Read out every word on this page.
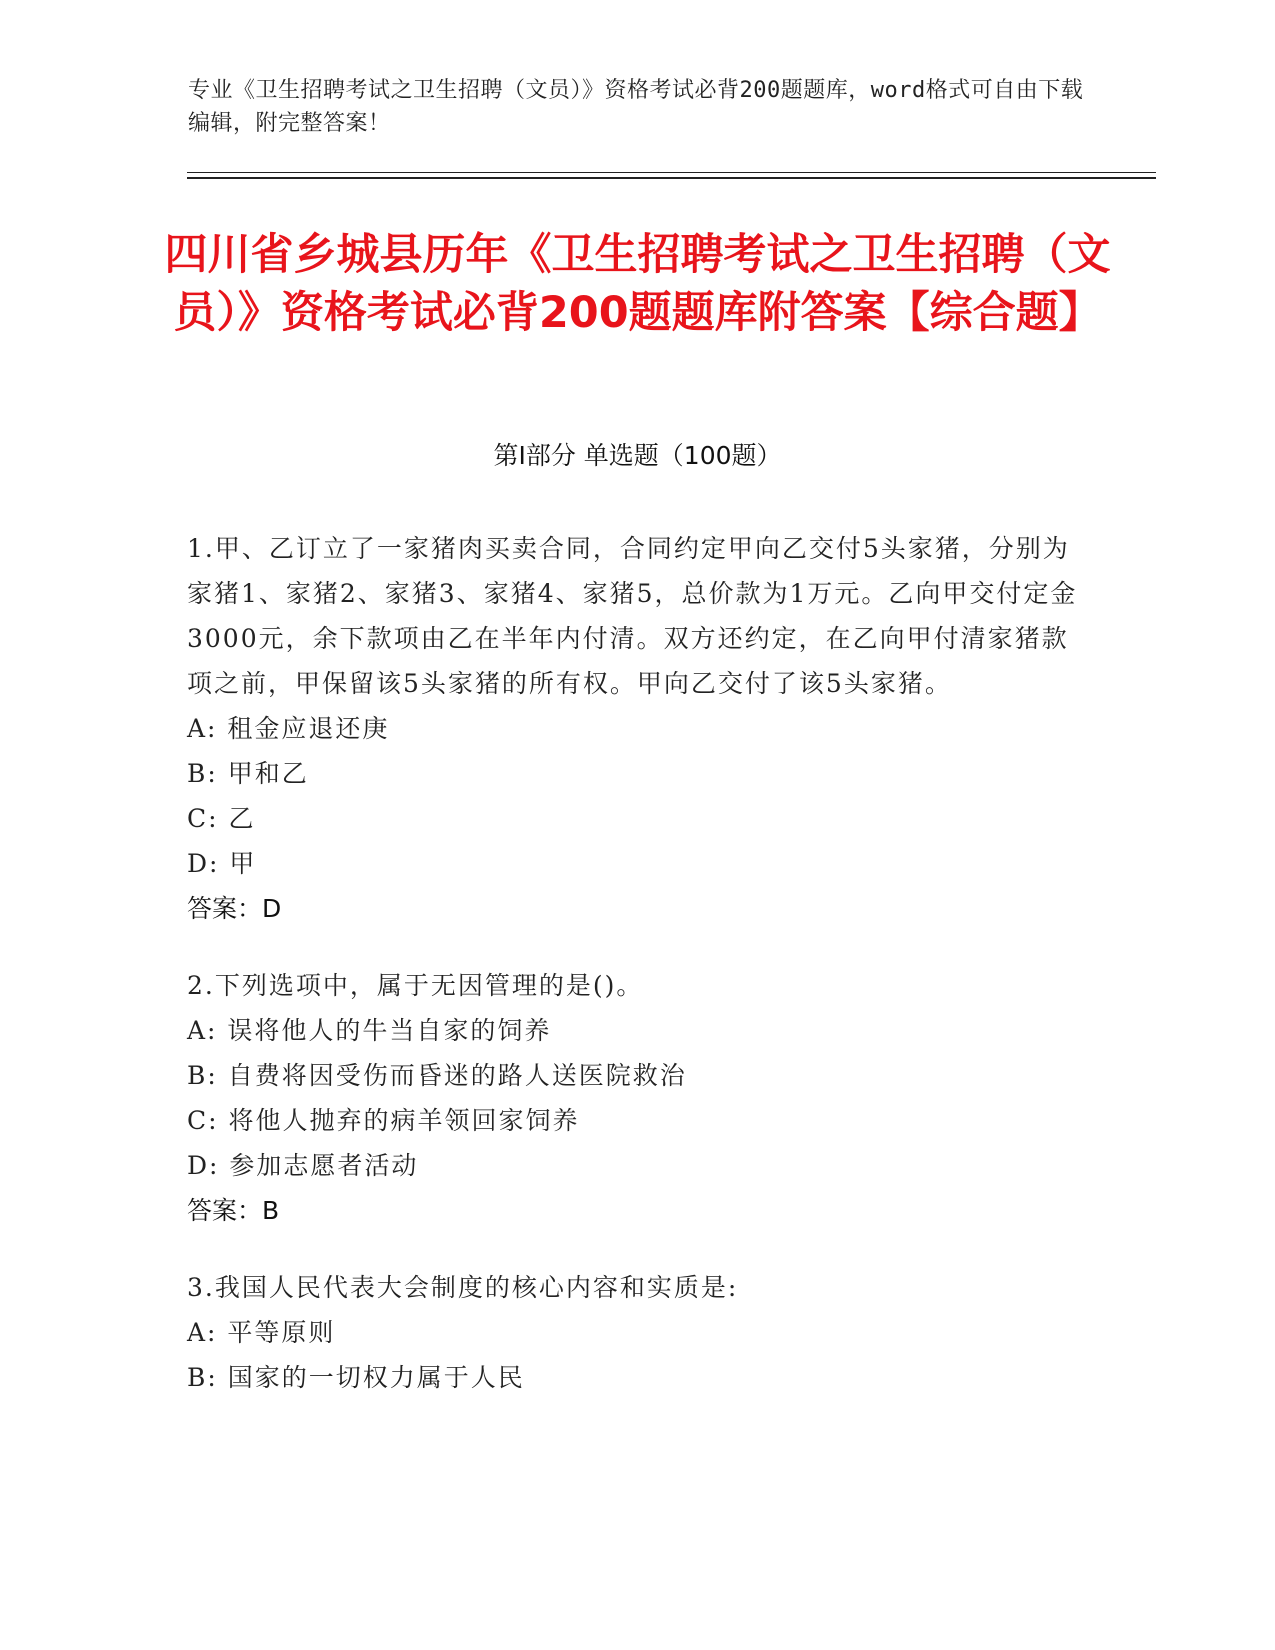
专业《卫生招聘考试之卫生招聘（文员）》资格考试必背200题题库，word格式可自由下载编辑，附完整答案！
四川省乡城县历年《卫生招聘考试之卫生招聘（文员）》资格考试必背200题题库附答案【综合题】
第Ⅰ部分 单选题（100题）

1.甲、乙订立了一家猪肉买卖合同，合同约定甲向乙交付5头家猪，分别为家猪1、家猪2、家猪3、家猪4、家猪5，总价款为1万元。乙向甲交付定金3000元，余下款项由乙在半年内付清。双方还约定，在乙向甲付清家猪款项之前，甲保留该5头家猪的所有权。甲向乙交付了该5头家猪。

A: 租金应退还庚

B: 甲和乙

C: 乙

D: 甲

答案：D

2.下列选项中，属于无因管理的是()。

A: 误将他人的牛当自家的饲养

B: 自费将因受伤而昏迷的路人送医院救治

C: 将他人抛弃的病羊领回家饲养

D: 参加志愿者活动

答案：B

3.我国人民代表大会制度的核心内容和实质是:

A: 平等原则

B: 国家的一切权力属于人民
